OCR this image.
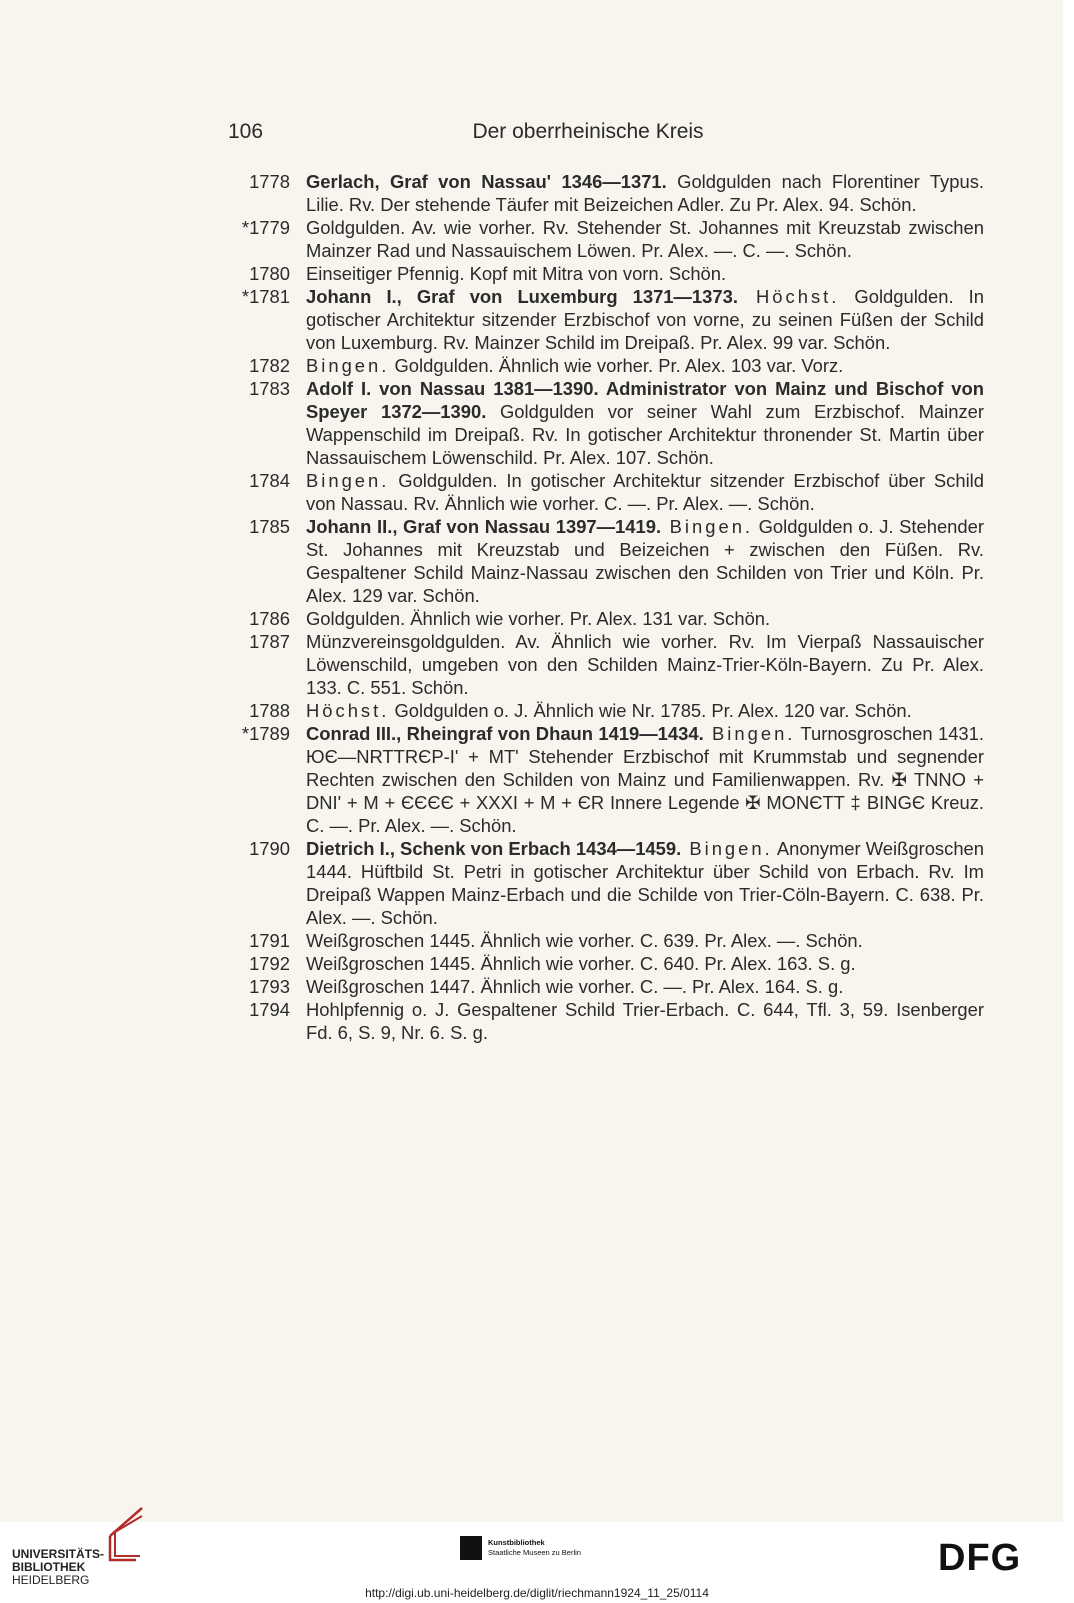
106	Der oberrheinische Kreis
1778 Gerlach, Graf von Nassau' 1346—1371. Goldgulden nach Florentiner Typus. Lilie. Rv. Der stehende Täufer mit Beizeichen Adler. Zu Pr. Alex. 94. Schön.
*1779 Goldgulden. Av. wie vorher. Rv. Stehender St. Johannes mit Kreuzstab zwischen Mainzer Rad und Nassauischem Löwen. Pr. Alex. —. C. —. Schön.
1780 Einseitiger Pfennig. Kopf mit Mitra von vorn. Schön.
*1781 Johann I., Graf von Luxemburg 1371—1373. Höchst. Goldgulden. In gotischer Architektur sitzender Erzbischof von vorne, zu seinen Füßen der Schild von Luxemburg. Rv. Mainzer Schild im Dreipaß. Pr. Alex. 99 var. Schön.
1782 Bingen. Goldgulden. Ähnlich wie vorher. Pr. Alex. 103 var. Vorz.
1783 Adolf I. von Nassau 1381—1390. Administrator von Mainz und Bischof von Speyer 1372—1390. Goldgulden vor seiner Wahl zum Erzbischof. Mainzer Wappenschild im Dreipaß. Rv. In gotischer Architektur thronender St. Martin über Nassauischem Löwenschild. Pr. Alex. 107. Schön.
1784 Bingen. Goldgulden. In gotischer Architektur sitzender Erzbischof über Schild von Nassau. Rv. Ähnlich wie vorher. C. —. Pr. Alex. —. Schön.
1785 Johann II., Graf von Nassau 1397—1419. Bingen. Goldgulden o. J. Stehender St. Johannes mit Kreuzstab und Beizeichen + zwischen den Füßen. Rv. Gespaltener Schild Mainz-Nassau zwischen den Schilden von Trier und Köln. Pr. Alex. 129 var. Schön.
1786 Goldgulden. Ähnlich wie vorher. Pr. Alex. 131 var. Schön.
1787 Münzvereinsgoldgulden. Av. Ähnlich wie vorher. Rv. Im Vierpaß Nassauischer Löwenschild, umgeben von den Schilden Mainz-Trier-Köln-Bayern. Zu Pr. Alex. 133. C. 551. Schön.
1788 Höchst. Goldgulden o. J. Ähnlich wie Nr. 1785. Pr. Alex. 120 var. Schön.
*1789 Conrad III., Rheingraf von Dhaun 1419—1434. Bingen. Turnosgroschen 1431. ЮЄ—NRTTRЄP-I' + MT' Stehender Erzbischof mit Krummstab und segnender Rechten zwischen den Schilden von Mainz und Familienwappen. Rv. ✠ TNNO + DNI' + M + ЄЄЄЄ + XXXI + M + ЄR Innere Legende ✠ MONЄTT ‡ BINGЄ Kreuz. C. —. Pr. Alex. —. Schön.
1790 Dietrich I., Schenk von Erbach 1434—1459. Bingen. Anonymer Weißgroschen 1444. Hüftbild St. Petri in gotischer Architektur über Schild von Erbach. Rv. Im Dreipaß Wappen Mainz-Erbach und die Schilde von Trier-Cöln-Bayern. C. 638. Pr. Alex. —. Schön.
1791 Weißgroschen 1445. Ähnlich wie vorher. C. 639. Pr. Alex. —. Schön.
1792 Weißgroschen 1445. Ähnlich wie vorher. C. 640. Pr. Alex. 163. S. g.
1793 Weißgroschen 1447. Ähnlich wie vorher. C. —. Pr. Alex. 164. S. g.
1794 Hohlpfennig o. J. Gespaltener Schild Trier-Erbach. C. 644, Tfl. 3, 59. Isenberger Fd. 6, S. 9, Nr. 6. S. g.
UNIVERSITÄTS-
BIBLIOTHEK
HEIDELBERG
Kunstbibliothek
Staatliche Museen zu Berlin	DFG
http://digi.ub.uni-heidelberg.de/diglit/riechmann1924_11_25/0114
